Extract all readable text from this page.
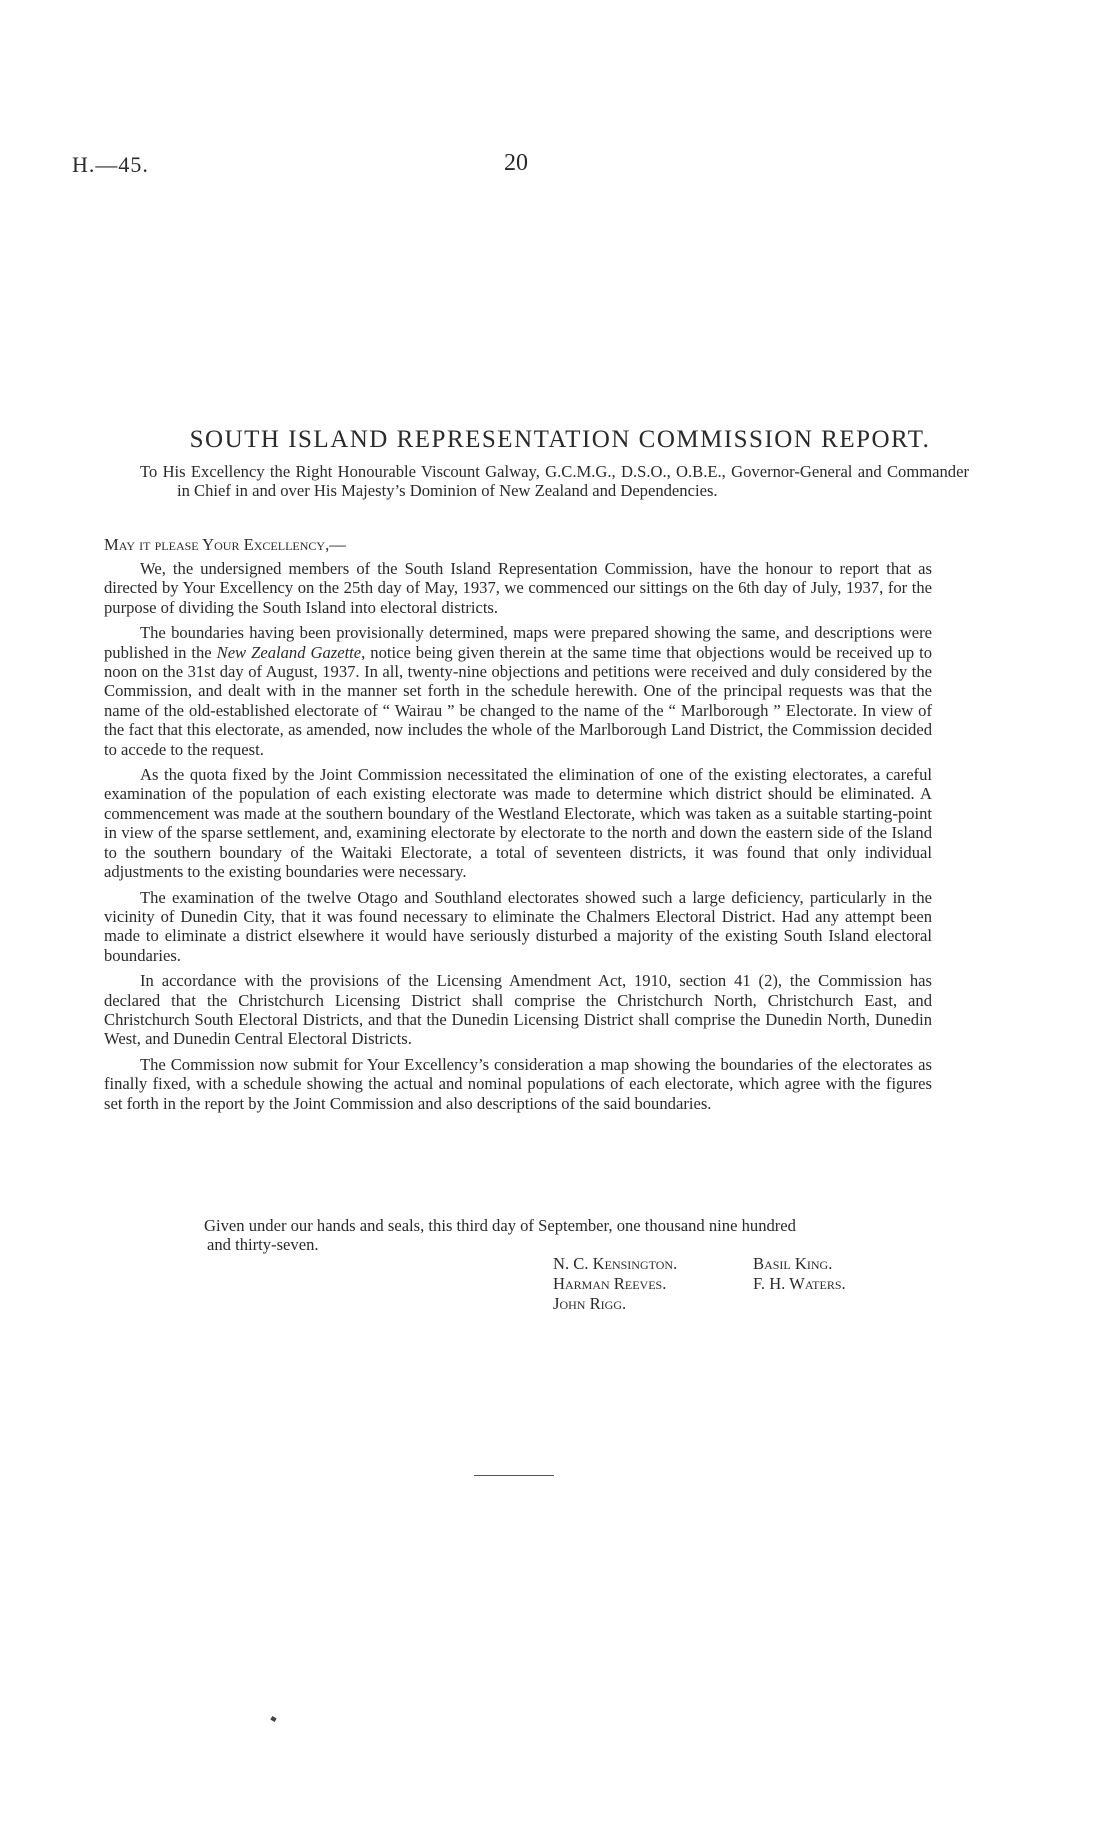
H.—45.	20
SOUTH ISLAND REPRESENTATION COMMISSION REPORT.
To His Excellency the Right Honourable Viscount Galway, G.C.M.G., D.S.O., O.B.E., Governor-General and Commander in Chief in and over His Majesty’s Dominion of New Zealand and Dependencies.
May it please Your Excellency,—

We, the undersigned members of the South Island Representation Commission, have the honour to report that as directed by Your Excellency on the 25th day of May, 1937, we commenced our sittings on the 6th day of July, 1937, for the purpose of dividing the South Island into electoral districts.

The boundaries having been provisionally determined, maps were prepared showing the same, and descriptions were published in the New Zealand Gazette, notice being given therein at the same time that objections would be received up to noon on the 31st day of August, 1937. In all, twenty-nine objections and petitions were received and duly considered by the Commission, and dealt with in the manner set forth in the schedule herewith. One of the principal requests was that the name of the old-established electorate of “ Wairau ” be changed to the name of the “ Marlborough ” Electorate. In view of the fact that this electorate, as amended, now includes the whole of the Marlborough Land District, the Commission decided to accede to the request.

As the quota fixed by the Joint Commission necessitated the elimination of one of the existing electorates, a careful examination of the population of each existing electorate was made to determine which district should be eliminated. A commencement was made at the southern boundary of the Westland Electorate, which was taken as a suitable starting-point in view of the sparse settlement, and, examining electorate by electorate to the north and down the eastern side of the Island to the southern boundary of the Waitaki Electorate, a total of seventeen districts, it was found that only individual adjustments to the existing boundaries were necessary.

The examination of the twelve Otago and Southland electorates showed such a large deficiency, particularly in the vicinity of Dunedin City, that it was found necessary to eliminate the Chalmers Electoral District. Had any attempt been made to eliminate a district elsewhere it would have seriously disturbed a majority of the existing South Island electoral boundaries.

In accordance with the provisions of the Licensing Amendment Act, 1910, section 41 (2), the Commission has declared that the Christchurch Licensing District shall comprise the Christchurch North, Christchurch East, and Christchurch South Electoral Districts, and that the Dunedin Licensing District shall comprise the Dunedin North, Dunedin West, and Dunedin Central Electoral Districts.

The Commission now submit for Your Excellency’s consideration a map showing the boundaries of the electorates as finally fixed, with a schedule showing the actual and nominal populations of each electorate, which agree with the figures set forth in the report by the Joint Commission and also descriptions of the said boundaries.

Given under our hands and seals, this third day of September, one thousand nine hundred
and thirty-seven.
N. C. Kensington.
Harman Reeves.
John Rigg.
Basil King.
F. H. Waters.
